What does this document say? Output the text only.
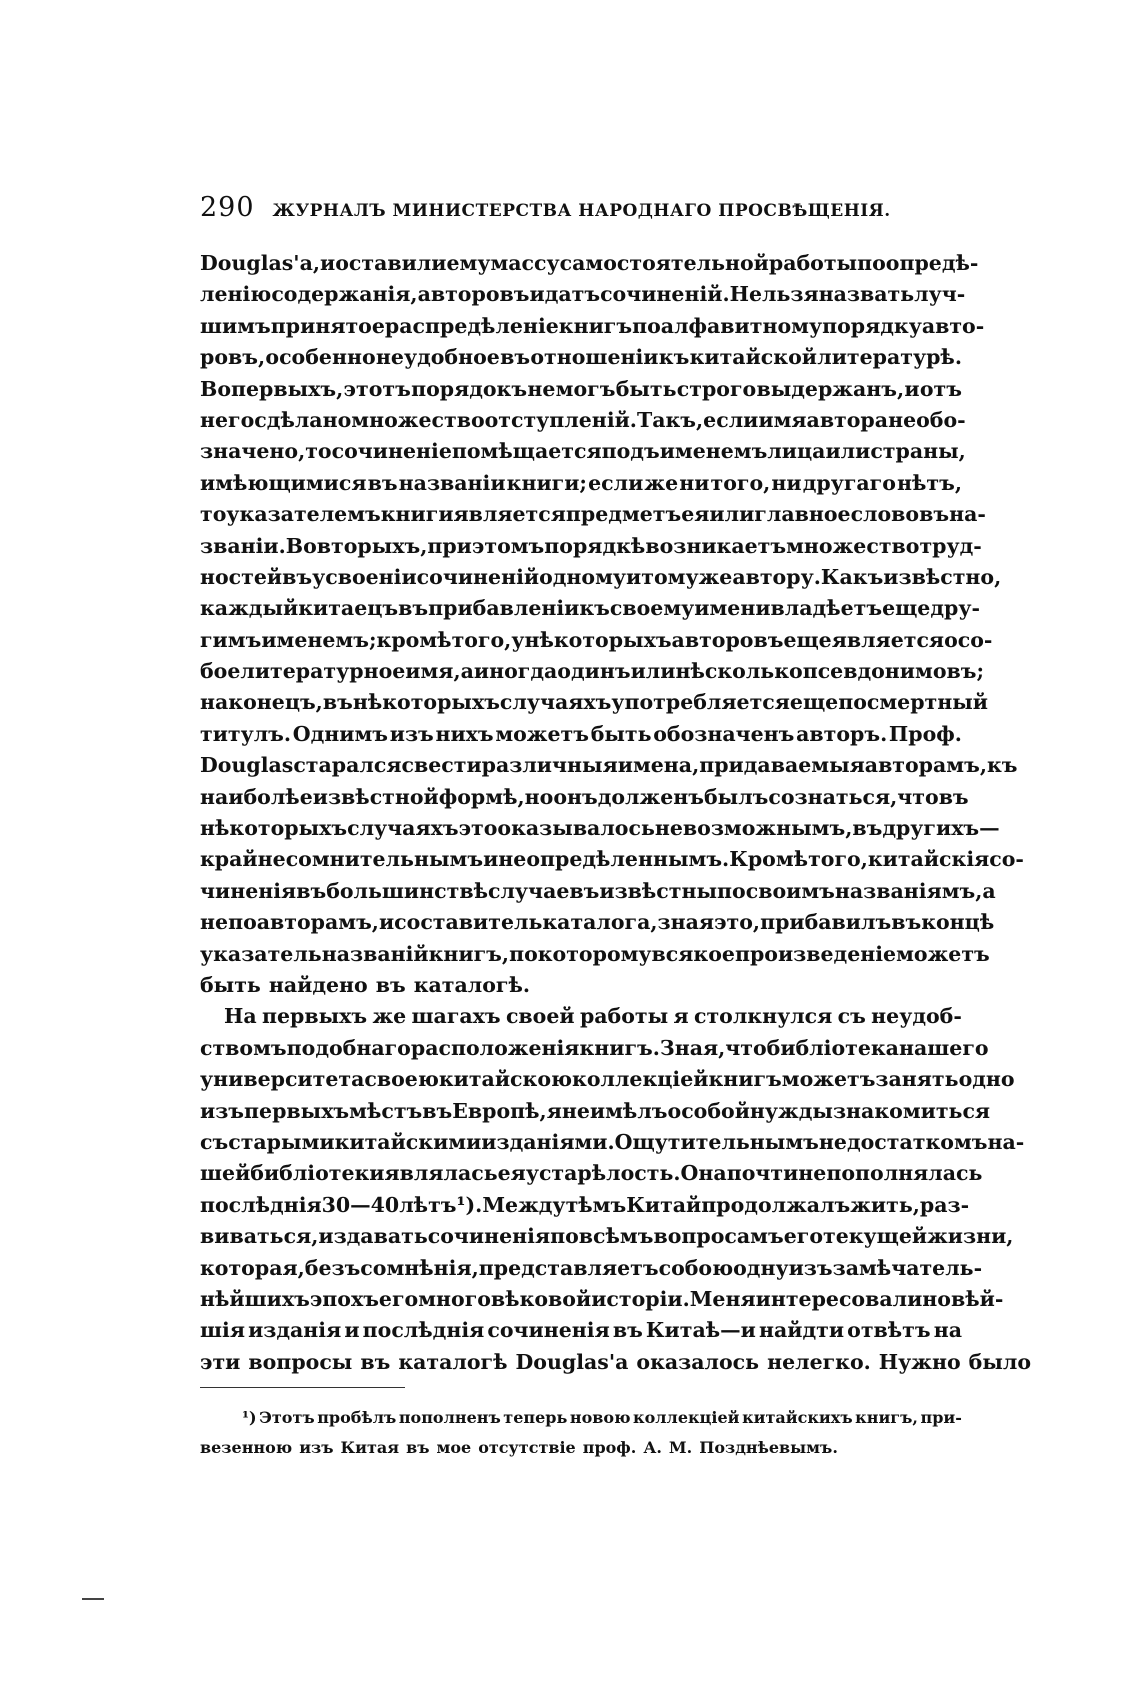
290 ЖУРНАЛЪ МИНИСТЕРСТВА НАРОДНАГО ПРОСВѢЩЕНІЯ.
Douglas'a, и оставили ему массу самостоятельной работы по опредѣ-
ленію содержанія, авторовъ и датъ сочиненій. Нельзя назвать луч-
шимъ принятое распредѣленіе книгъ по алфавитному порядку авто-
ровъ, особенно неудобное въ отношеніи къ китайской литературѣ.
Вопервыхъ, этотъ порядокъ не могъ быть строго выдержанъ, и отъ
него сдѣлано множество отступленій. Такъ, если имя автора не обо-
значено, то сочиненіе помѣщается подъ именемъ лица или страны,
имѣющимися въ названіи книги; если же ни того, ни другаго нѣтъ,
то указателемъ книги является предметъ ея или главное слово въ на-
званіи. Вовторыхъ, при этомъ порядкѣ возникаетъ множество труд-
ностей въ усвоеніи сочиненій одному и тому же автору. Какъ извѣстно,
каждый китаецъ въ прибавленіи къ своему имени владѣетъ еще дру-
гимъ именемъ; кромѣ того, у нѣкоторыхъ авторовъ еще является осо-
бое литературное имя, а иногда одинъ или нѣсколько псевдонимовъ;
наконецъ, въ нѣкоторыхъ случаяхъ употребляется еще посмертный
титулъ. Однимъ изъ нихъ можетъ быть обозначенъ авторъ. Проф.
Douglas старался свести различныя имена, придаваемыя авторамъ, къ
наиболѣе извѣстной формѣ, но онъ долженъ былъ сознаться, что въ
нѣкоторыхъ случаяхъ это оказывалось невозможнымъ, въ другихъ—
крайне сомнительнымъ и неопредѣленнымъ. Кромѣ того, китайскія со-
чиненія въ большинствѣ случаевъ извѣстны по своимъ названіямъ, а
не по авторамъ, и составитель каталога, зная это, прибавилъ въ концѣ
указатель названій книгъ, по которому всякое произведеніе можетъ
быть найдено въ каталогѣ.
На первыхъ же шагахъ своей работы я столкнулся съ неудоб-
ствомъ подобнаго расположенія книгъ. Зная, что библіотека нашего
университета своею китайскою коллекціей книгъ можетъ занять одно
изъ первыхъ мѣстъ въ Европѣ, я не имѣлъ особой нужды знакомиться
съ старыми китайскими изданіями. Ощутительнымъ недостаткомъ на-
шей библіотеки являлась ея устарѣлость. Она почти не пополнялась
послѣднія 30—40 лѣтъ ¹). Между тѣмъ Китай продолжалъ жить, раз-
виваться, издавать сочиненія по всѣмъ вопросамъ его текущей жизни,
которая, безъ сомнѣнія, представляетъ собою одну изъ замѣчатель-
нѣйшихъ эпохъ его многовѣковой исторіи. Меня интересовали новѣй-
шія изданія и послѣднія сочиненія въ Китаѣ—и найдти отвѣтъ на
эти вопросы въ каталогѣ Douglas'a оказалось нелегко. Нужно было
¹) Этотъ пробѣлъ пополненъ теперь новою коллекціей китайскихъ книгъ, при-
везенною изъ Китая въ мое отсутствіе проф. А. М. Позднѣевымъ.
